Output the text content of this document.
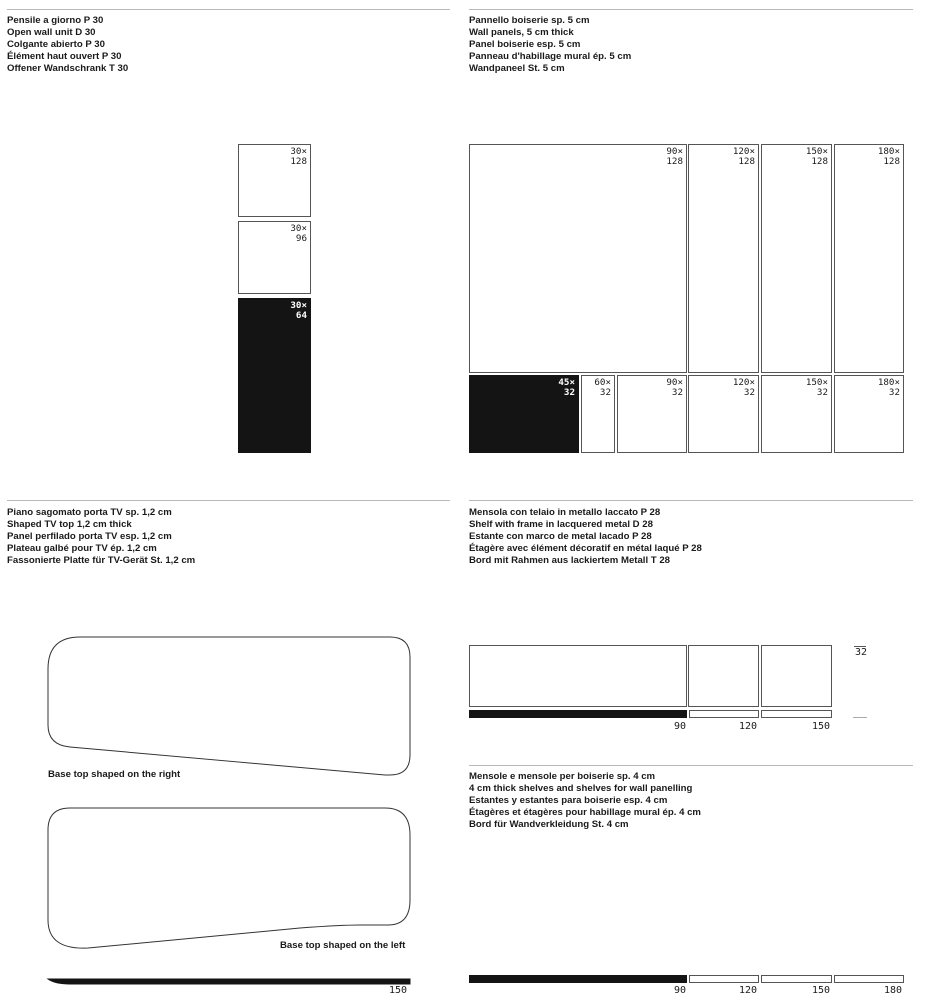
Pensile a giorno P 30
Open wall unit D 30
Colgante abierto P 30
Élément haut ouvert P 30
Offener Wandschrank T 30
30×
128
30×
96
30×
64
Pannello boiserie sp. 5 cm
Wall panels, 5 cm thick
Panel boiserie esp. 5 cm
Panneau d'habillage mural ép. 5 cm
Wandpaneel St. 5 cm
90×
128
120×
128
150×
128
180×
128
45×
32
60×
32
90×
32
120×
32
150×
32
180×
32
Piano sagomato porta TV sp. 1,2 cm
Shaped TV top 1,2 cm thick
Panel perfilado porta TV esp. 1,2 cm
Plateau galbé pour TV ép. 1,2 cm
Fassonierte Platte für TV-Gerät St. 1,2 cm
Base top shaped on the right
Base top shaped on the left
150
Mensola con telaio in metallo laccato P 28
Shelf with frame in lacquered metal D 28
Estante con marco de metal lacado P 28
Étagère avec élément décoratif en métal laqué P 28
Bord mit Rahmen aus lackiertem Metall T 28
32
90	120	150
Mensole e mensole per boiserie sp. 4 cm
4 cm thick shelves and shelves for wall panelling
Estantes y estantes para boiserie esp. 4 cm
Étagères et étagères pour habillage mural ép. 4 cm
Bord für Wandverkleidung St. 4 cm
90	120	150	180
